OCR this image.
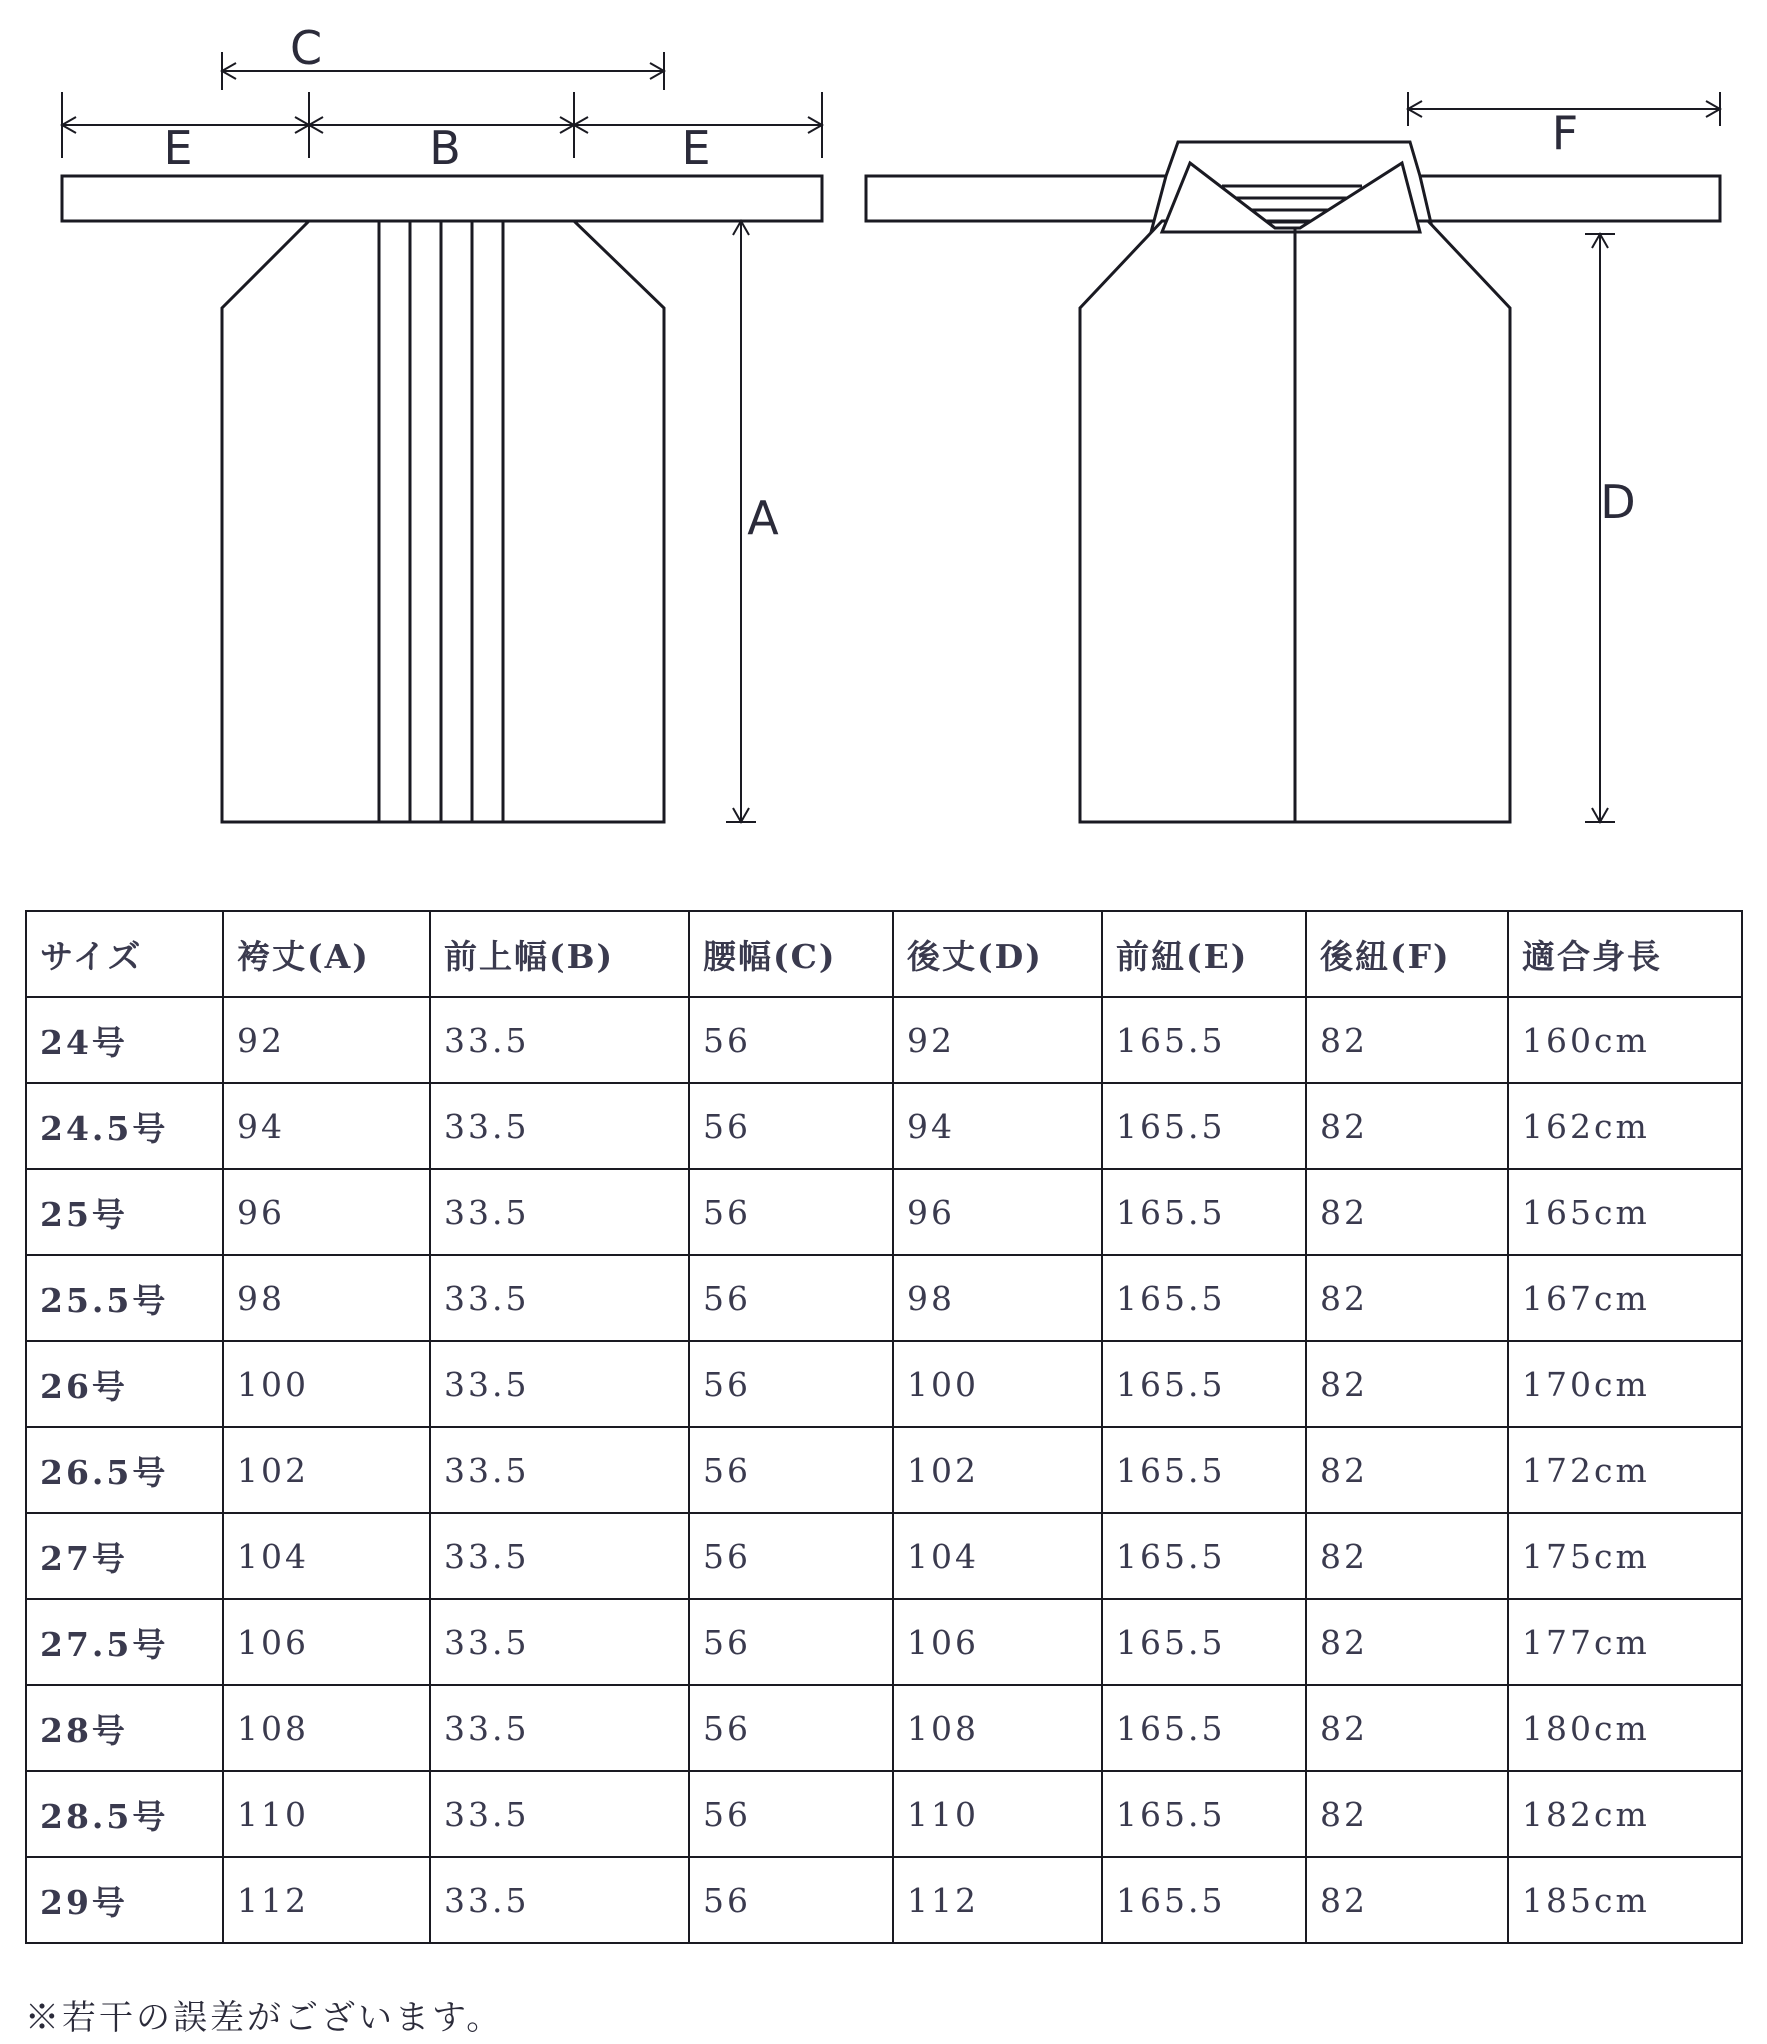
C
E	B	E
A
F
D
サイズ	袴丈(A)	前上幅(B)	腰幅(C)	後丈(D)	前紐(E)	後紐(F)	適合身長
24号	92	33.5	56	92	165.5	82	160cm
24.5号	94	33.5	56	94	165.5	82	162cm
25号	96	33.5	56	96	165.5	82	165cm
25.5号	98	33.5	56	98	165.5	82	167cm
26号	100	33.5	56	100	165.5	82	170cm
26.5号	102	33.5	56	102	165.5	82	172cm
27号	104	33.5	56	104	165.5	82	175cm
27.5号	106	33.5	56	106	165.5	82	177cm
28号	108	33.5	56	108	165.5	82	180cm
28.5号	110	33.5	56	110	165.5	82	182cm
29号	112	33.5	56	112	165.5	82	185cm
※若干の誤差がございます。
